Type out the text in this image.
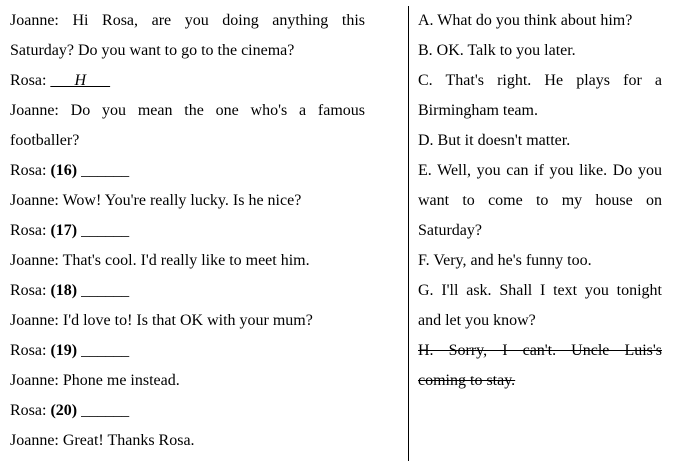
Joanne: Hi Rosa, are you doing anything this
Saturday? Do you want to go to the cinema?
Rosa: ___H___
Joanne: Do you mean the one who's a famous
footballer?
Rosa: (16) ______
Joanne: Wow! You're really lucky. Is he nice?
Rosa: (17) ______
Joanne: That's cool. I'd really like to meet him.
Rosa: (18) ______
Joanne: I'd love to! Is that OK with your mum?
Rosa: (19) ______
Joanne: Phone me instead.
Rosa: (20) ______
Joanne: Great! Thanks Rosa.
A. What do you think about him?
B. OK. Talk to you later.
C. That's right. He plays for a
Birmingham team.
D. But it doesn't matter.
E. Well, you can if you like. Do you
want to come to my house on
Saturday?
F. Very, and he's funny too.
G. I'll ask. Shall I text you tonight
and let you know?
H. Sorry, I can't. Uncle Luis's
coming to stay.
